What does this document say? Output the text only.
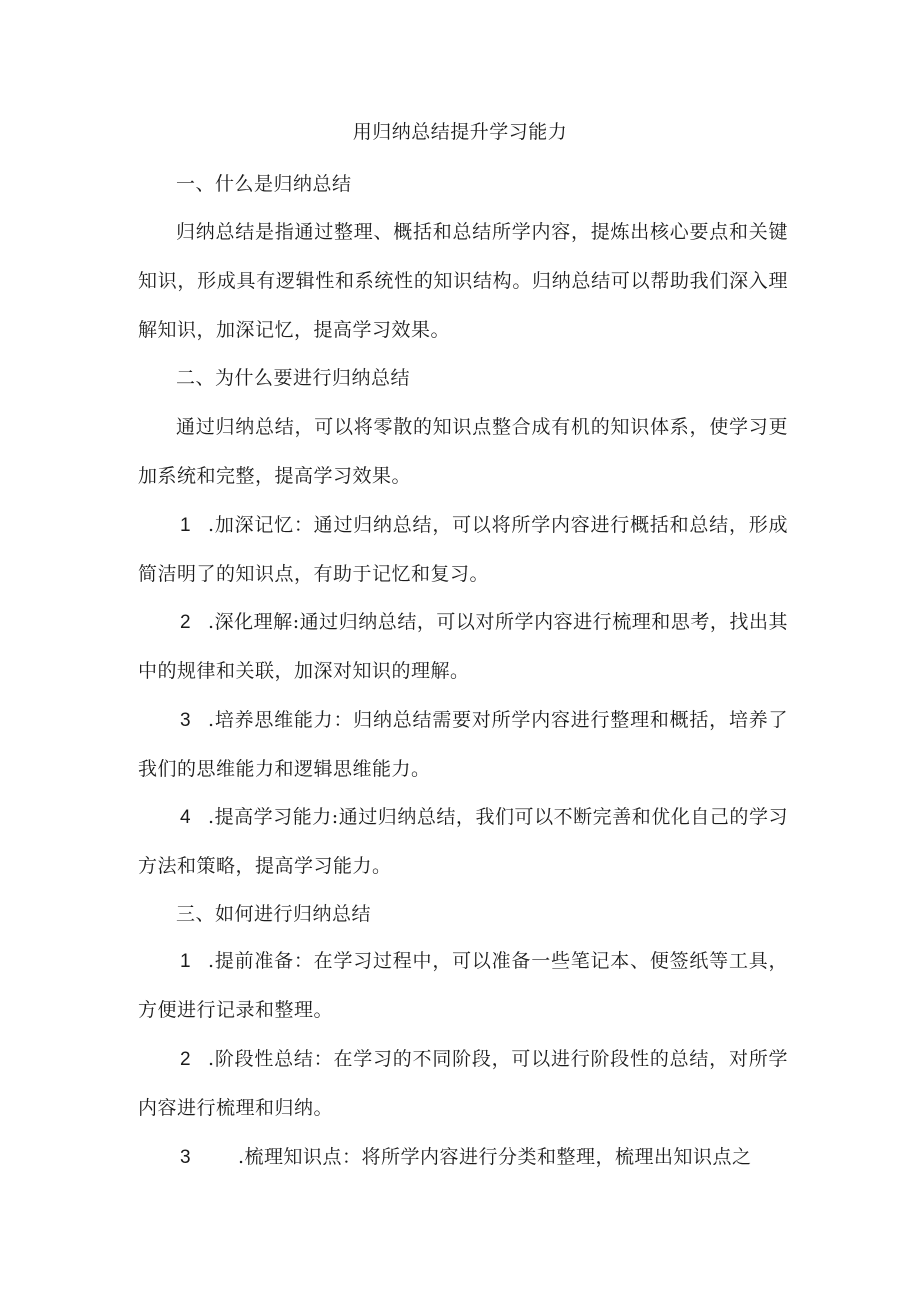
用归纳总结提升学习能力
一、什么是归纳总结

归纳总结是指通过整理、概括和总结所学内容，提炼出核心要点和关键知识，形成具有逻辑性和系统性的知识结构。归纳总结可以帮助我们深入理解知识，加深记忆，提高学习效果。

二、为什么要进行归纳总结

通过归纳总结，可以将零散的知识点整合成有机的知识体系，使学习更加系统和完整，提高学习效果。

1 .加深记忆：通过归纳总结，可以将所学内容进行概括和总结，形成简洁明了的知识点，有助于记忆和复习。

2 .深化理解:通过归纳总结，可以对所学内容进行梳理和思考，找出其中的规律和关联，加深对知识的理解。

3 .培养思维能力：归纳总结需要对所学内容进行整理和概括，培养了我们的思维能力和逻辑思维能力。

4 .提高学习能力:通过归纳总结，我们可以不断完善和优化自己的学习方法和策略，提高学习能力。

三、如何进行归纳总结

1 .提前准备：在学习过程中，可以准备一些笔记本、便签纸等工具，方便进行记录和整理。

2 .阶段性总结：在学习的不同阶段，可以进行阶段性的总结，对所学内容进行梳理和归纳。

3 .梳理知识点：将所学内容进行分类和整理，梳理出知识点之
